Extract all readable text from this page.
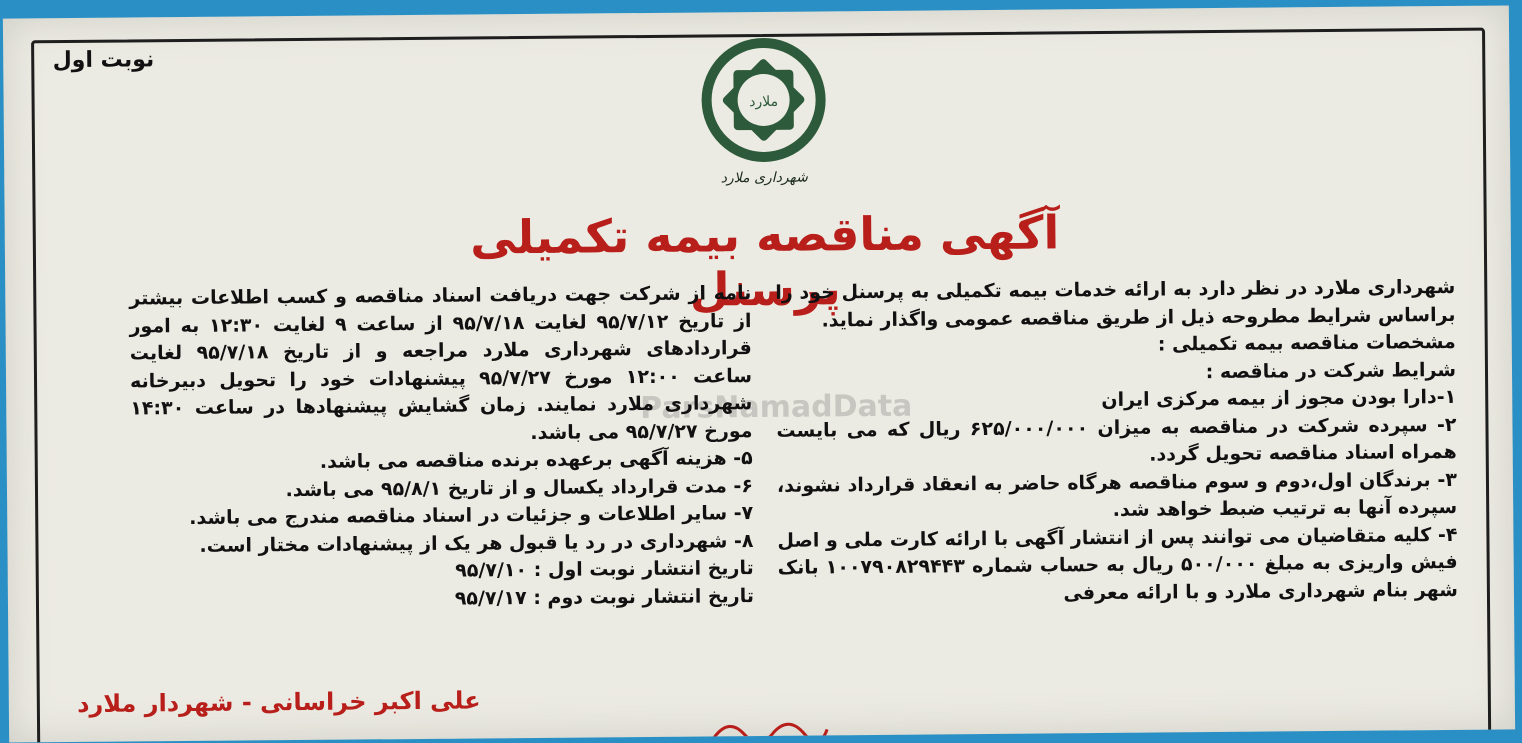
نوبت اول
ملارد
شهرداری ملارد
آگهی مناقصه بیمه تکمیلی پرسنل
ParsNamadData

شهرداری ملارد در نظر دارد به ارائه خدمات بیمه تکمیلی به پرسنل خود را براساس شرایط مطروحه ذیل از طریق مناقصه عمومی واگذار نماید.

مشخصات مناقصه بیمه تکمیلی :

شرایط شرکت در مناقصه :

۱-دارا بودن مجوز از بیمه مرکزی ایران

۲- سپرده شرکت در مناقصه به میزان ۶۲۵/۰۰۰/۰۰۰ ریال که می بایست همراه اسناد مناقصه تحویل گردد.

۳- برندگان اول،دوم و سوم مناقصه هرگاه حاضر به انعقاد قرارداد نشوند، سپرده آنها به ترتیب ضبط خواهد شد.

۴- کلیه متقاضیان می توانند پس از انتشار آگهی با ارائه کارت ملی و اصل فیش واریزی به مبلغ ۵۰۰/۰۰۰ ریال به حساب شماره ۱۰۰۷۹۰۸۲۹۴۴۳ بانک شهر بنام شهرداری ملارد و با ارائه معرفی

نامه از شرکت جهت دریافت اسناد مناقصه و کسب اطلاعات بیشتر از تاریخ ۹۵/۷/۱۲ لغایت ۹۵/۷/۱۸ از ساعت ۹ لغایت ۱۲:۳۰ به امور قراردادهای شهرداری ملارد مراجعه و از تاریخ ۹۵/۷/۱۸ لغایت ساعت ۱۲:۰۰ مورخ ۹۵/۷/۲۷ پیشنهادات خود را تحویل دبیرخانه شهرداری ملارد نمایند. زمان گشایش پیشنهادها در ساعت ۱۴:۳۰ مورخ ۹۵/۷/۲۷ می باشد.

۵- هزینه آگهی برعهده برنده مناقصه می باشد.

۶- مدت قرارداد یکسال و از تاریخ ۹۵/۸/۱ می باشد.

۷- سایر اطلاعات و جزئیات در اسناد مناقصه مندرج می باشد.

۸- شهرداری در رد یا قبول هر یک از پیشنهادات مختار است.

تاریخ انتشار نوبت اول : ۹۵/۷/۱۰

تاریخ انتشار نوبت دوم : ۹۵/۷/۱۷

علی اکبر خراسانی - شهردار ملارد
